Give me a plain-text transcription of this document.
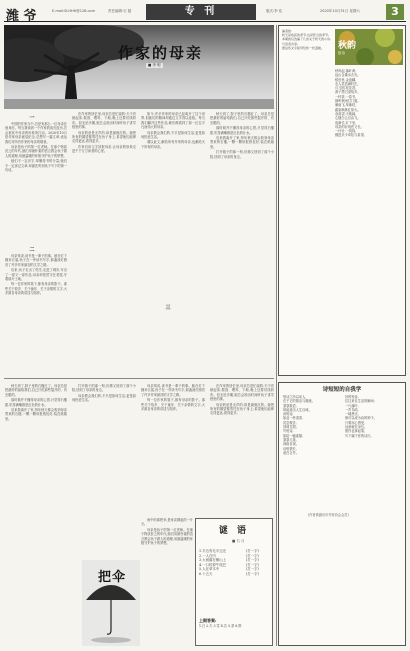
潍 爷	E-mail:SLHHH@126.com	责任编辑:石 磊	专 刊	版式:李 佳	2020年10月31日 星期六	3
作家的母亲
■ 李 明
一

中国的作家当中,总是有那么一位母亲在他身后。每当我读到一个作家的成长经历,总会被其中母亲的形象所打动。2020年10月是作家母亲诞辰纪念,总想写一篇文章,表达我们对所有作家的母亲的敬意。

母亲是孩子的第一位老师。在那个物质贫乏的年代,她们用最朴素的语言教会孩子做人的道理,用最温暖的怀抱守护孩子的梦想。

她们不一定识字,却懂得书的分量;她们不一定读过文章,却最先听到孩子写下的第一句话。

二

母亲常说,读书是一辈子的事。她在灯下缝补衣裳,孩子在一旁读书写字,那盏油灯照亮了许多作家最初的文学之路。

后来,孩子走出了村庄,走进了城市,写出了一部又一部作品,母亲却依然守在老屋,守着那片土地。

每一位作家的笔下,都有母亲的影子。那些关于故乡、关于童年、关于亲情的文字,大多源自母亲的讲述与陪伴。

在作家的回忆里,母亲总是忙碌的:天不亮就起床,做饭、喂鸡、下地,晚上还要纺线织布。但无论多累,她总会抽出时间听孩子讲学校里的事。

母亲的爱是无声的,却是最深沉的。她把所有的期望都寄托在孩子身上,希望他们能够走得更远,看得更多。

作家们用文字回报母亲,让母亲的形象走进千千万万读者的心里。

三

如今,许多作家的母亲已经离开了这个世界,但她们的精神却通过文字得以延续。每当我们翻开这些作品,就仿佛看到了那一位位平凡而伟大的母亲。

母亲教会我们的,不只是如何生活,更是如何热爱生活。

谨以此文,献给所有作家的母亲,也献给天下所有的母亲。

秋天到了,院子里的石榴红了。母亲总是把最好的留给我们,自己只吃那些裂开的、有虫眼的。

那时候并不懂得母亲的心思,只觉得石榴甜,吃得满嘴都是红色的汁水。

后来我离开了家,每年秋天都会收到母亲寄来的石榴,一颗一颗用报纸包好,装在纸箱里。

打开箱子的那一刻,仿佛又回到了那个小院,回到了母亲的身边。

秋天到了,院子里的石榴红了。母亲总是把最好的留给我们,自己只吃那些裂开的、有虫眼的。

那时候并不懂得母亲的心思,只觉得石榴甜,吃得满嘴都是红色的汁水。

后来我离开了家,每年秋天都会收到母亲寄来的石榴,一颗一颗用报纸包好,装在纸箱里。

打开箱子的那一刻,仿佛又回到了那个小院,回到了母亲的身边。

母亲教会我们的,不只是如何生活,更是如何热爱生活。

母亲常说,读书是一辈子的事。她在灯下缝补衣裳,孩子在一旁读书写字,那盏油灯照亮了许多作家最初的文学之路。

每一位作家的笔下,都有母亲的影子。那些关于故乡、关于童年、关于亲情的文字,大多源自母亲的讲述与陪伴。

在作家的回忆里,母亲总是忙碌的:天不亮就起床,做饭、喂鸡、下地,晚上还要纺线织布。但无论多累,她总会抽出时间听孩子讲学校里的事。

母亲的爱是无声的,却是最深沉的。她把所有的期望都寄托在孩子身上,希望他们能够走得更远,看得更多。

雨中的那把伞,是母亲撑起的一片天。

母亲是孩子的第一位老师。在那个物质贫乏的年代,她们用最朴素的语言教会孩子做人的道理,用最温暖的怀抱守护孩子的梦想。

把伞
谜 语
■ 石 月
1.半边有毛半边光
2.一人在内
3.大雨落在横山上
4.一口咬掉牛尾巴
5.人在草木中
6.十五天
(打一字)
(打一字)
(打一字)
(打一字)
(打一字)
(打一字)
上期答案:
1.日 2.夫 3.雪 4.告 5.茶 6.胖
编者按:
秋天是收获的季节,也是怀念的季节。本期我们选编了几首关于秋天的小诗,与读者共享。
愿这些文字能带给你一丝温暖。	秋韵
组诗
秋风起,落叶黄,
远山含黛水含光。
稻田里,金浪翻,
农人笑语满村庄。
月儿圆,桂花香,
游子思归望故乡。
一杯茶,一卷书,
静听秋雨打门窗。
雁南飞,草渐枯,
霜染枫林红似火。
登高望,天地阔,
心随白云自由飞。
夜渐长,灯下坐,
母亲的针线密又长。
一针针,一线线,
缝进多少牵挂与希望。
诗短短的自我学
短诗之所以动人,
在于它的简洁与凝练。
寥寥数语,
却能道出人生百味。
读短诗,
如品一杯清茶,
初尝微苦,
回味甘甜。
写短诗,
如绘一幅素描,
寥寥几笔,
神韵自现。
诗短情长,
意在言外。
好的短诗,
往往来自生活的瞬间:
一片落叶,
一声鸟鸣,
一缕晨光,
都可以成为诗的种子。
只要用心感受,
诗意就在身边。
愿你也拿起笔,
写下属于你的诗行。
(作者系潍坊市作家协会会员)
